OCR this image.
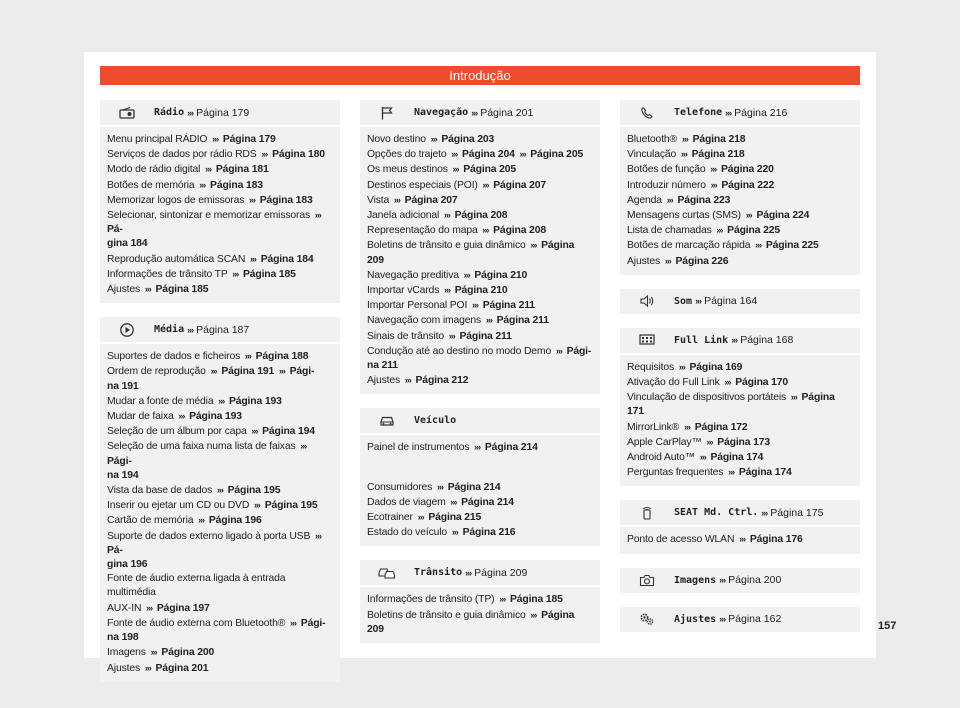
Introdução
Rádio ››› Página 179

Menu principal RÁDIO ››› Página 179

Serviços de dados por rádio RDS ››› Página 180

Modo de rádio digital ››› Página 181

Botões de memória ››› Página 183

Memorizar logos de emissoras ››› Página 183

Selecionar, sintonizar e memorizar emissoras ››› Pá-
gina 184

Reprodução automática SCAN ››› Página 184

Informações de trânsito TP ››› Página 185

Ajustes ››› Página 185

Média ››› Página 187

Suportes de dados e ficheiros ››› Página 188

Ordem de reprodução ››› Página 191 ››› Pági-
na 191

Mudar a fonte de média ››› Página 193

Mudar de faixa ››› Página 193

Seleção de um álbum por capa ››› Página 194

Seleção de uma faixa numa lista de faixas ››› Pági-
na 194

Vista da base de dados ››› Página 195

Inserir ou ejetar um CD ou DVD ››› Página 195

Cartão de memória ››› Página 196

Suporte de dados externo ligado à porta USB ››› Pá-
gina 196

Fonte de áudio externa ligada à entrada multimédia

AUX-IN ››› Página 197

Fonte de áudio externa com Bluetooth® ››› Pági-
na 198

Imagens ››› Página 200

Ajustes ››› Página 201

Navegação ››› Página 201

Novo destino ››› Página 203

Opções do trajeto ››› Página 204 ››› Página 205

Os meus destinos ››› Página 205

Destinos especiais (POI) ››› Página 207

Vista ››› Página 207

Janela adicional ››› Página 208

Representação do mapa ››› Página 208

Boletins de trânsito e guia dinâmico ››› Página 209

Navegação preditiva ››› Página 210

Importar vCards ››› Página 210

Importar Personal POI ››› Página 211

Navegação com imagens ››› Página 211

Sinais de trânsito ››› Página 211

Condução até ao destino no modo Demo ››› Pági-
na 211

Ajustes ››› Página 212

Veículo

Painel de instrumentos ››› Página 214

Consumidores ››› Página 214

Dados de viagem ››› Página 214

Ecotrainer ››› Página 215

Estado do veículo ››› Página 216

Trânsito ››› Página 209

Informações de trânsito (TP) ››› Página 185

Boletins de trânsito e guia dinâmico ››› Página 209

Telefone ››› Página 216

Bluetooth® ››› Página 218

Vinculação ››› Página 218

Botões de função ››› Página 220

Introduzir número ››› Página 222

Agenda ››› Página 223

Mensagens curtas (SMS) ››› Página 224

Lista de chamadas ››› Página 225

Botões de marcação rápida ››› Página 225

Ajustes ››› Página 226

Som ››› Página 164
Full Link ››› Página 168

Requisitos ››› Página 169

Ativação do Full Link ››› Página 170

Vinculação de dispositivos portáteis ››› Página 171

MirrorLink® ››› Página 172

Apple CarPlay™ ››› Página 173

Android Auto™ ››› Página 174

Perguntas frequentes ››› Página 174

SEAT Md. Ctrl. ››› Página 175

Ponto de acesso WLAN ››› Página 176

Imagens ››› Página 200
Ajustes ››› Página 162
157
